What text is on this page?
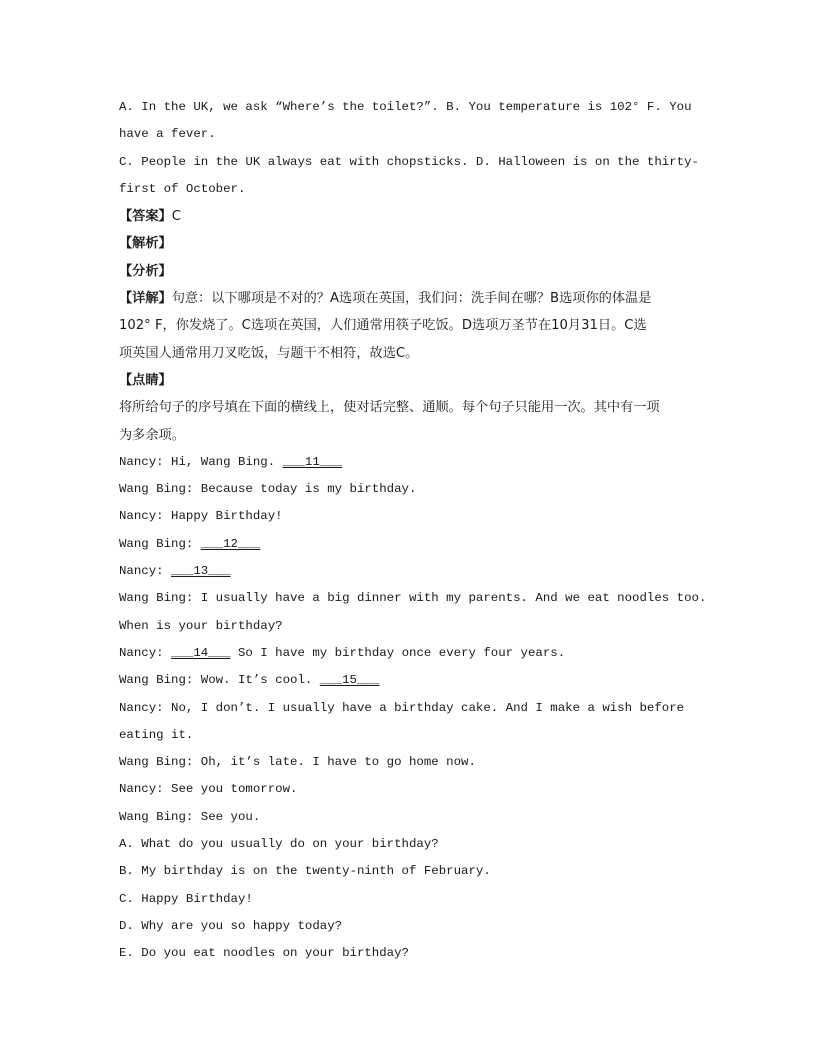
A. In the UK, we ask “Where’s the toilet?”. B. You temperature is 102° F. You
have a fever.
C. People in the UK always eat with chopsticks. D. Halloween is on the thirty-
first of October.
【答案】C
【解析】
【分析】
【详解】句意：以下哪项是不对的？A选项在英国，我们问：洗手间在哪？B选项你的体温是
102° F，你发烧了。C选项在英国，人们通常用筷子吃饭。D选项万圣节在10月31日。C选
项英国人通常用刀叉吃饭，与题干不相符，故选C。
【点睛】
将所给句子的序号填在下面的横线上，使对话完整、通顺。每个句子只能用一次。其中有一项
为多余项。
Nancy: Hi, Wang Bing. ___11___
Wang Bing: Because today is my birthday.
Nancy: Happy Birthday!
Wang Bing: ___12___
Nancy: ___13___
Wang Bing: I usually have a big dinner with my parents. And we eat noodles too.
When is your birthday?
Nancy: ___14___ So I have my birthday once every four years.
Wang Bing: Wow. It’s cool. ___15___
Nancy: No, I don’t. I usually have a birthday cake. And I make a wish before
eating it.
Wang Bing: Oh, it’s late. I have to go home now.
Nancy: See you tomorrow.
Wang Bing: See you.
A. What do you usually do on your birthday?
B. My birthday is on the twenty-ninth of February.
C. Happy Birthday!
D. Why are you so happy today?
E. Do you eat noodles on your birthday?
